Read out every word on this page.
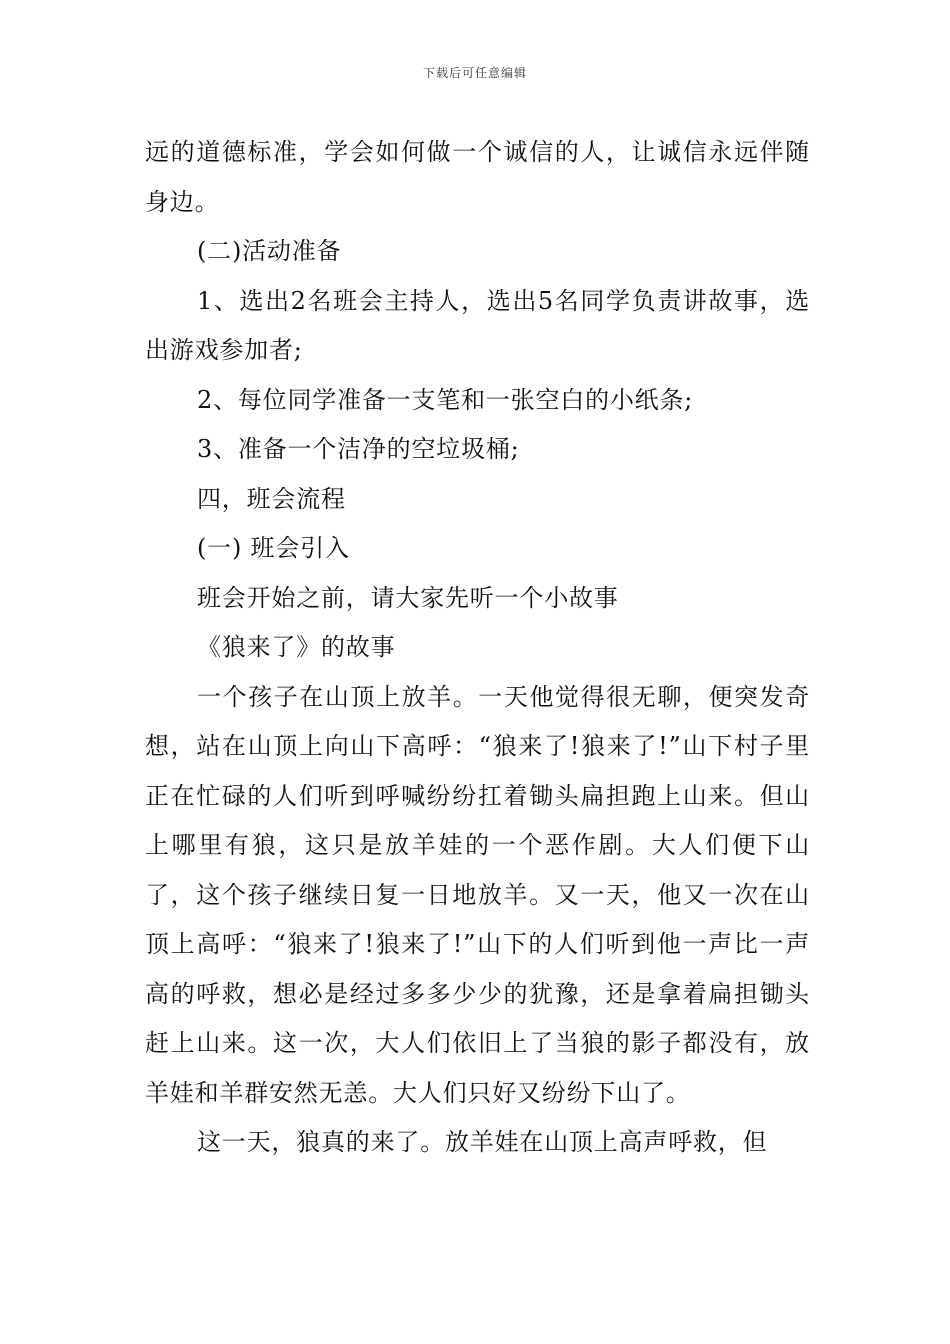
下载后可任意编辑

远的道德标准，学会如何做一个诚信的人，让诚信永远伴随身边。

(二)活动准备

1、选出2名班会主持人，选出5名同学负责讲故事，选出游戏参加者;

2、每位同学准备一支笔和一张空白的小纸条;

3、准备一个洁净的空垃圾桶;

四，班会流程

(一) 班会引入

班会开始之前，请大家先听一个小故事

《狼来了》的故事

一个孩子在山顶上放羊。一天他觉得很无聊，便突发奇想，站在山顶上向山下高呼：“狼来了!狼来了!”山下村子里正在忙碌的人们听到呼喊纷纷扛着锄头扁担跑上山来。但山上哪里有狼，这只是放羊娃的一个恶作剧。大人们便下山了，这个孩子继续日复一日地放羊。又一天，他又一次在山顶上高呼：“狼来了!狼来了!”山下的人们听到他一声比一声高的呼救，想必是经过多多少少的犹豫，还是拿着扁担锄头赶上山来。这一次，大人们依旧上了当狼的影子都没有，放羊娃和羊群安然无恙。大人们只好又纷纷下山了。

这一天，狼真的来了。放羊娃在山顶上高声呼救，但
